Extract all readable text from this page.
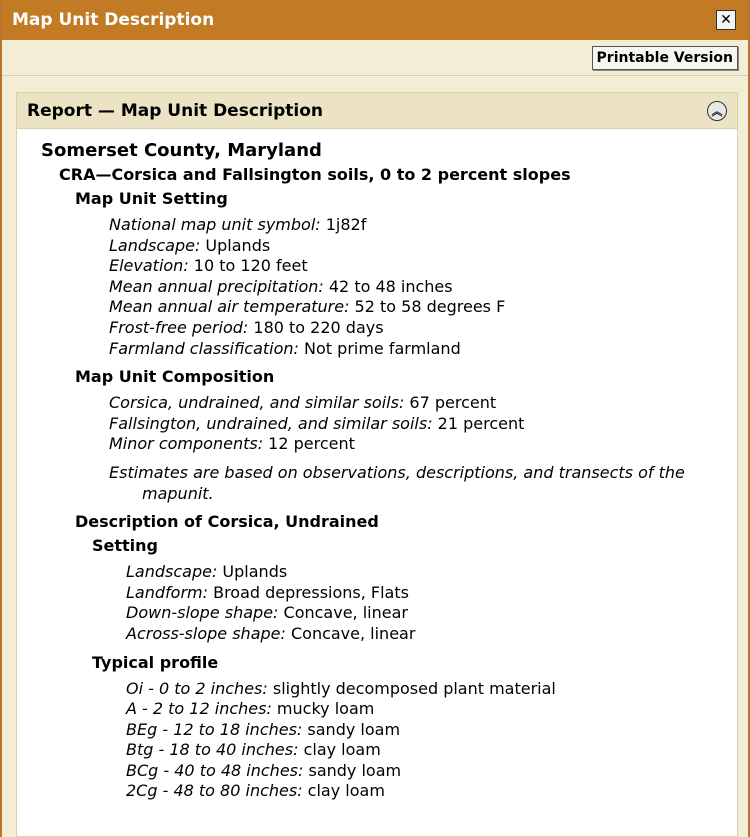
Map Unit Description	✕
Printable Version
Report — Map Unit Description	︽
Somerset County, Maryland
CRA—Corsica and Fallsington soils, 0 to 2 percent slopes
Map Unit Setting
National map unit symbol: 1j82f
Landscape: Uplands
Elevation: 10 to 120 feet
Mean annual precipitation: 42 to 48 inches
Mean annual air temperature: 52 to 58 degrees F
Frost-free period: 180 to 220 days
Farmland classification: Not prime farmland
Map Unit Composition
Corsica, undrained, and similar soils: 67 percent
Fallsington, undrained, and similar soils: 21 percent
Minor components: 12 percent
Estimates are based on observations, descriptions, and transects of the
mapunit.
Description of Corsica, Undrained
Setting
Landscape: Uplands
Landform: Broad depressions, Flats
Down-slope shape: Concave, linear
Across-slope shape: Concave, linear
Typical profile
Oi - 0 to 2 inches: slightly decomposed plant material
A - 2 to 12 inches: mucky loam
BEg - 12 to 18 inches: sandy loam
Btg - 18 to 40 inches: clay loam
BCg - 40 to 48 inches: sandy loam
2Cg - 48 to 80 inches: clay loam
